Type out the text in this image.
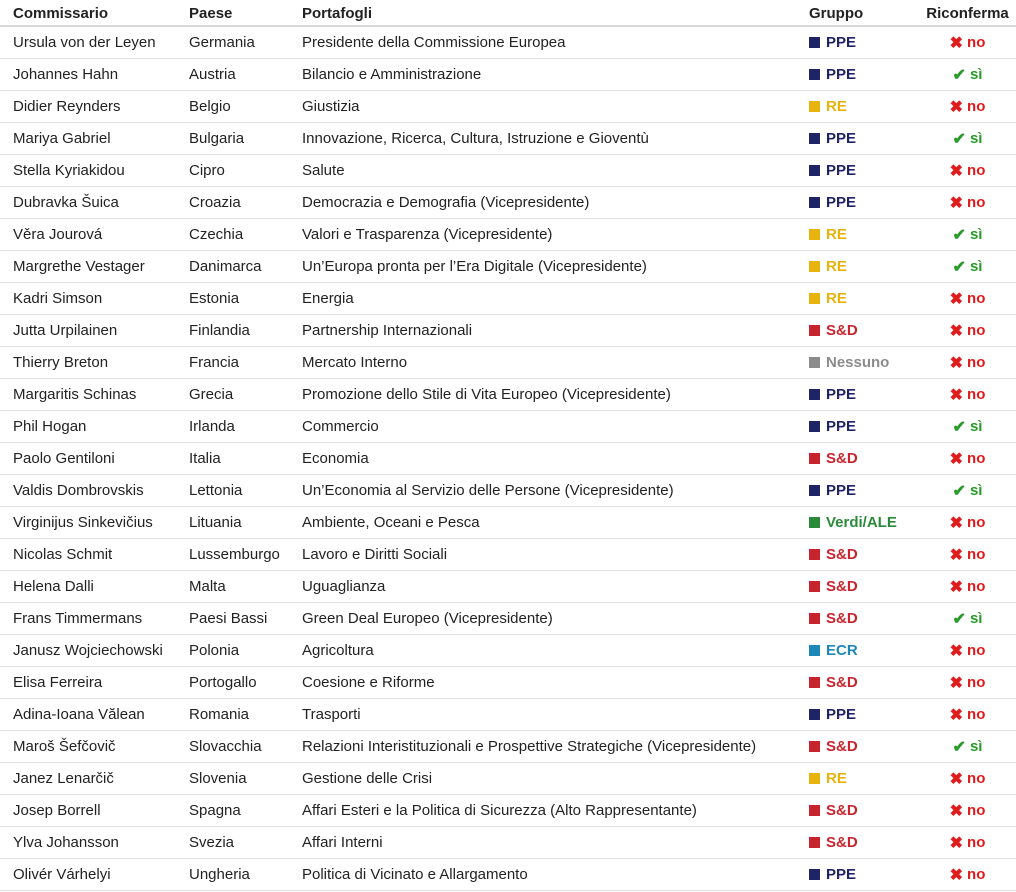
Commissario	Paese	Portafogli	Gruppo	Riconferma
Ursula von der Leyen	Germania	Presidente della Commissione Europea	PPE	✖ no

Johannes Hahn	Austria	Bilancio e Amministrazione	PPE	✔ sì

Didier Reynders	Belgio	Giustizia	RE	✖ no

Mariya Gabriel	Bulgaria	Innovazione, Ricerca, Cultura, Istruzione e Gioventù	PPE	✔ sì

Stella Kyriakidou	Cipro	Salute	PPE	✖ no

Dubravka Šuica	Croazia	Democrazia e Demografia (Vicepresidente)	PPE	✖ no

Věra Jourová	Czechia	Valori e Trasparenza (Vicepresidente)	RE	✔ sì

Margrethe Vestager	Danimarca	Un’Europa pronta per l’Era Digitale (Vicepresidente)	RE	✔ sì

Kadri Simson	Estonia	Energia	RE	✖ no

Jutta Urpilainen	Finlandia	Partnership Internazionali	S&D	✖ no

Thierry Breton	Francia	Mercato Interno	Nessuno	✖ no

Margaritis Schinas	Grecia	Promozione dello Stile di Vita Europeo (Vicepresidente)	PPE	✖ no

Phil Hogan	Irlanda	Commercio	PPE	✔ sì

Paolo Gentiloni	Italia	Economia	S&D	✖ no

Valdis Dombrovskis	Lettonia	Un’Economia al Servizio delle Persone (Vicepresidente)	PPE	✔ sì

Virginijus Sinkevičius	Lituania	Ambiente, Oceani e Pesca	Verdi/ALE	✖ no

Nicolas Schmit	Lussemburgo	Lavoro e Diritti Sociali	S&D	✖ no

Helena Dalli	Malta	Uguaglianza	S&D	✖ no

Frans Timmermans	Paesi Bassi	Green Deal Europeo (Vicepresidente)	S&D	✔ sì

Janusz Wojciechowski	Polonia	Agricoltura	ECR	✖ no

Elisa Ferreira	Portogallo	Coesione e Riforme	S&D	✖ no

Adina-Ioana Vălean	Romania	Trasporti	PPE	✖ no

Maroš Šefčovič	Slovacchia	Relazioni Interistituzionali e Prospettive Strategiche (Vicepresidente)	S&D	✔ sì

Janez Lenarčič	Slovenia	Gestione delle Crisi	RE	✖ no

Josep Borrell	Spagna	Affari Esteri e la Politica di Sicurezza (Alto Rappresentante)	S&D	✖ no

Ylva Johansson	Svezia	Affari Interni	S&D	✖ no

Olivér Várhelyi	Ungheria	Politica di Vicinato e Allargamento	PPE	✖ no
